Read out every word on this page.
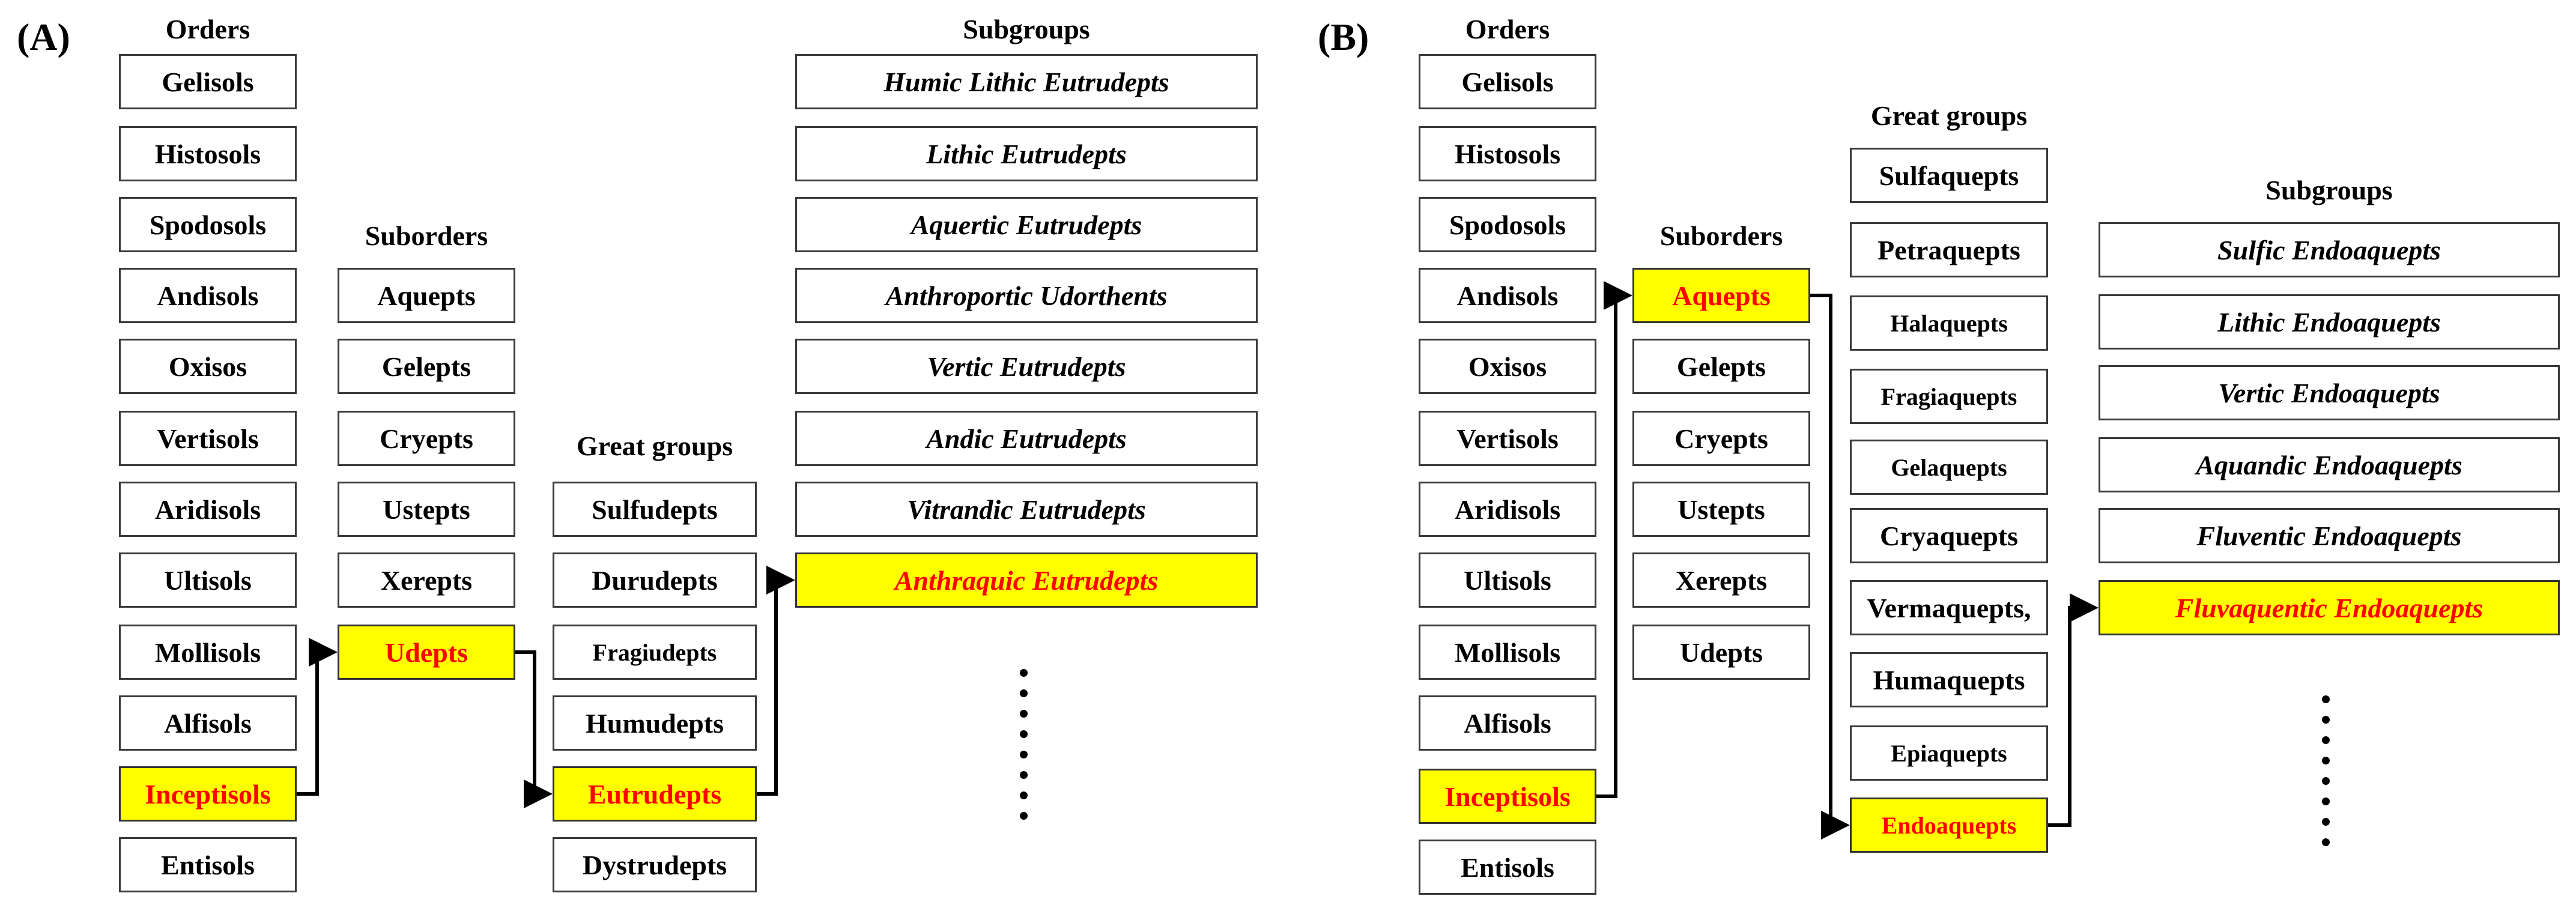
(A)	Orders
Suborders
Great groups
Subgroups
Gelisols
Histosols
Spodosols
Andisols
Oxisos
Vertisols
Aridisols
Ultisols
Mollisols
Alfisols
Inceptisols
Entisols
Aquepts
Gelepts
Cryepts
Ustepts
Xerepts
Udepts
Sulfudepts
Durudepts
Fragiudepts
Humudepts
Eutrudepts
Dystrudepts
Humic Lithic Eutrudepts
Lithic Eutrudepts
Aquertic Eutrudepts
Anthroportic Udorthents
Vertic Eutrudepts
Andic Eutrudepts
Vitrandic Eutrudepts
Anthraquic Eutrudepts
(B)	Orders
Suborders
Great groups
Subgroups
Gelisols
Histosols
Spodosols
Andisols
Oxisos
Vertisols
Aridisols
Ultisols
Mollisols
Alfisols
Inceptisols
Entisols
Aquepts
Gelepts
Cryepts
Ustepts
Xerepts
Udepts
Sulfaquepts
Petraquepts
Halaquepts
Fragiaquepts
Gelaquepts
Cryaquepts
Vermaquepts,
Humaquepts
Epiaquepts
Endoaquepts
Sulfic Endoaquepts
Lithic Endoaquepts
Vertic Endoaquepts
Aquandic Endoaquepts
Fluventic Endoaquepts
Fluvaquentic Endoaquepts
